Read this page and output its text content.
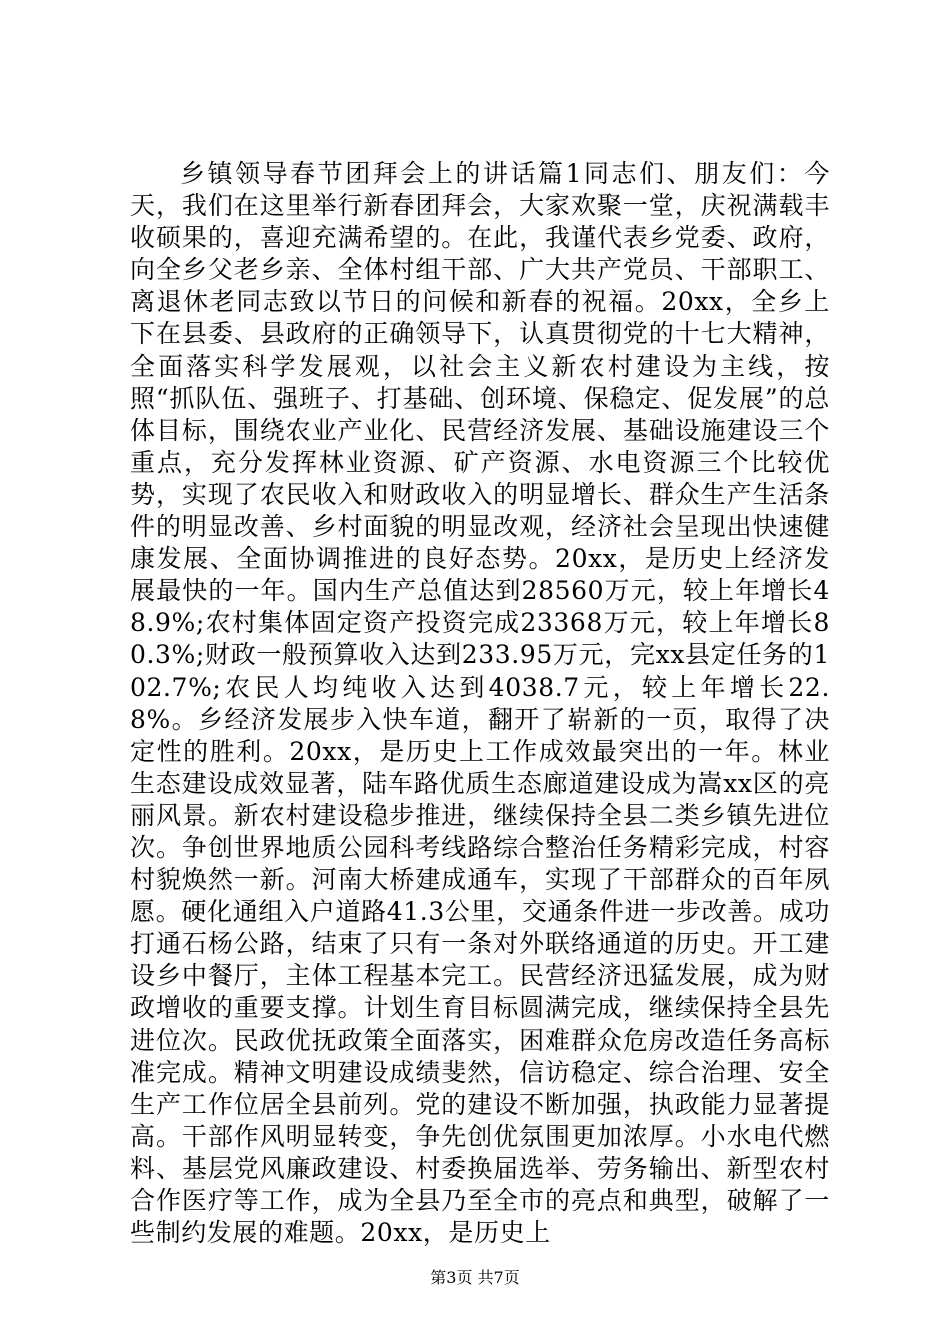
乡镇领导春节团拜会上的讲话篇1同志们、朋友们：今天，我们在这里举行新春团拜会，大家欢聚一堂，庆祝满载丰收硕果的，喜迎充满希望的。在此，我谨代表乡党委、政府，向全乡父老乡亲、全体村组干部、广大共产党员、干部职工、离退休老同志致以节日的问候和新春的祝福。20xx，全乡上下在县委、县政府的正确领导下，认真贯彻党的十七大精神，全面落实科学发展观，以社会主义新农村建设为主线，按照“抓队伍、强班子、打基础、创环境、保稳定、促发展”的总体目标，围绕农业产业化、民营经济发展、基础设施建设三个重点，充分发挥林业资源、矿产资源、水电资源三个比较优势，实现了农民收入和财政收入的明显增长、群众生产生活条件的明显改善、乡村面貌的明显改观，经济社会呈现出快速健康发展、全面协调推进的良好态势。20xx，是历史上经济发展最快的一年。国内生产总值达到28560万元，较上年增长48.9%;农村集体固定资产投资完成23368万元，较上年增长80.3%;财政一般预算收入达到233.95万元，完xx县定任务的102.7%;农民人均纯收入达到4038.7元，较上年增长22.8%。乡经济发展步入快车道，翻开了崭新的一页，取得了决定性的胜利。20xx，是历史上工作成效最突出的一年。林业生态建设成效显著，陆车路优质生态廊道建设成为嵩xx区的亮丽风景。新农村建设稳步推进，继续保持全县二类乡镇先进位次。争创世界地质公园科考线路综合整治任务精彩完成，村容村貌焕然一新。河南大桥建成通车，实现了干部群众的百年夙愿。硬化通组入户道路41.3公里，交通条件进一步改善。成功打通石杨公路，结束了只有一条对外联络通道的历史。开工建设乡中餐厅，主体工程基本完工。民营经济迅猛发展，成为财政增收的重要支撑。计划生育目标圆满完成，继续保持全县先进位次。民政优抚政策全面落实，困难群众危房改造任务高标准完成。精神文明建设成绩斐然，信访稳定、综合治理、安全生产工作位居全县前列。党的建设不断加强，执政能力显著提高。干部作风明显转变，争先创优氛围更加浓厚。小水电代燃料、基层党风廉政建设、村委换届选举、劳务输出、新型农村合作医疗等工作，成为全县乃至全市的亮点和典型，破解了一些制约发展的难题。20xx，是历史上

第3页 共7页
